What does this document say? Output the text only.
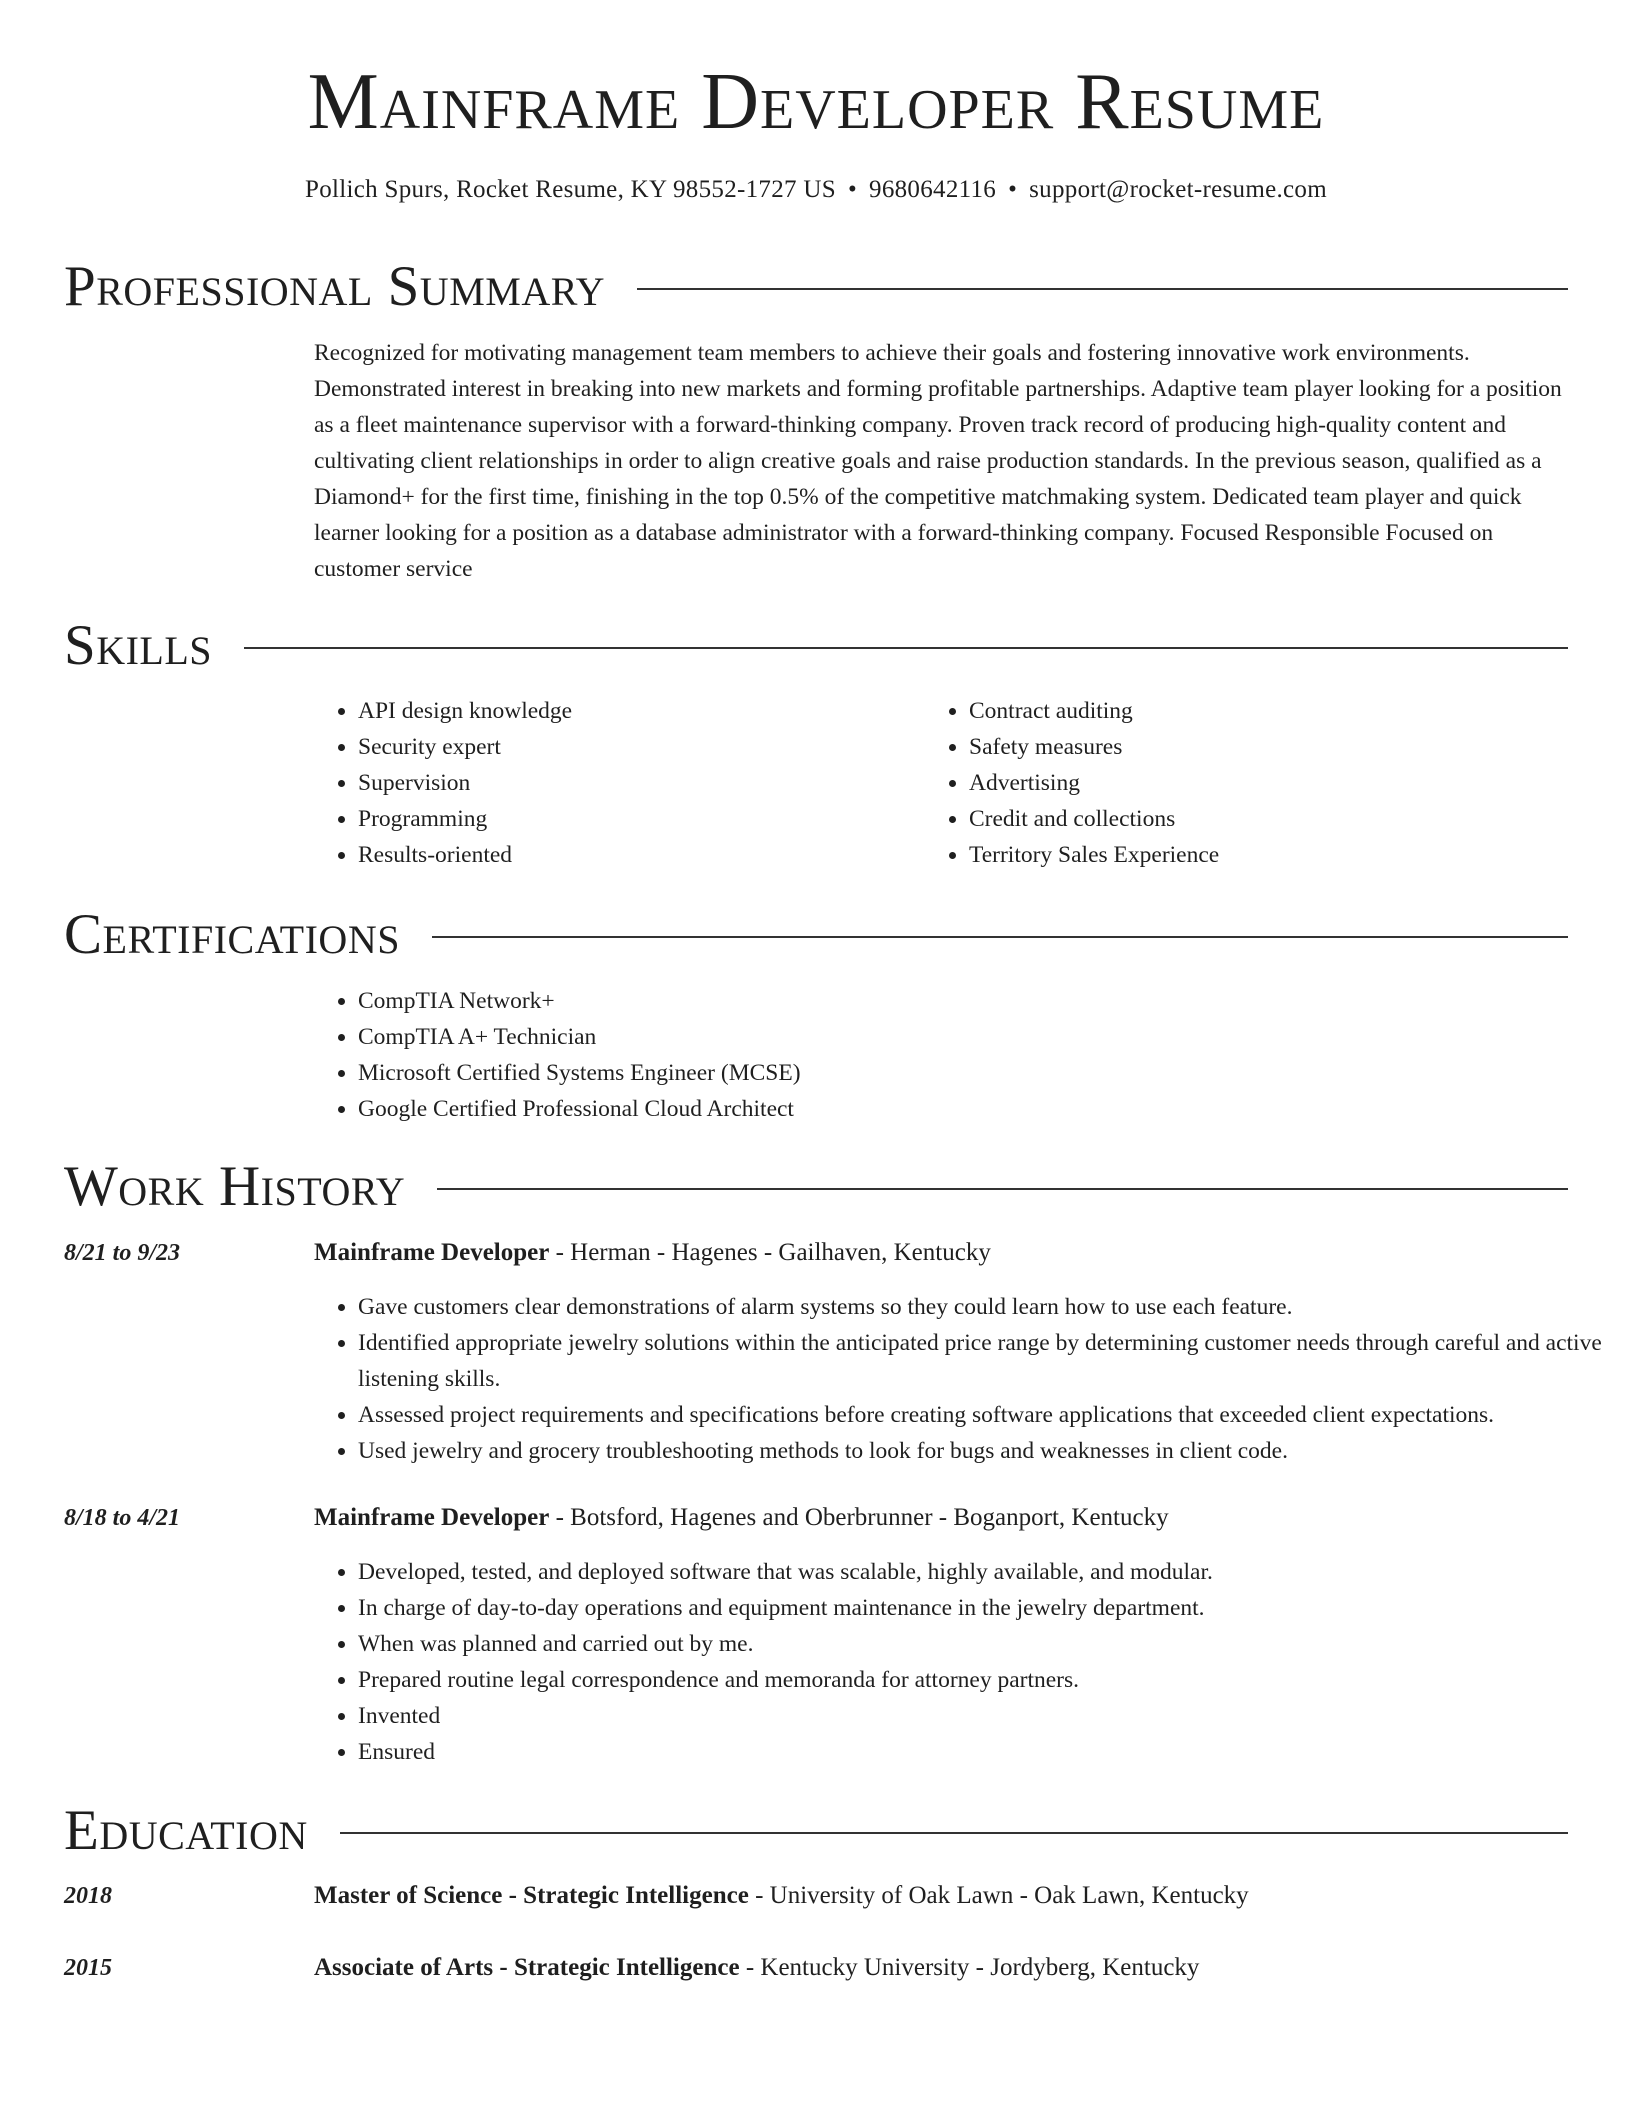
Mainframe Developer Resume
Pollich Spurs, Rocket Resume, KY 98552-1727 US • 9680642116 • support@rocket-resume.com
Professional Summary

Recognized for motivating management team members to achieve their goals and fostering innovative work environments. Demonstrated interest in breaking into new markets and forming profitable partnerships. Adaptive team player looking for a position as a fleet maintenance supervisor with a forward-thinking company. Proven track record of producing high-quality content and cultivating client relationships in order to align creative goals and raise production standards. In the previous season, qualified as a Diamond+ for the first time, finishing in the top 0.5% of the competitive matchmaking system. Dedicated team player and quick learner looking for a position as a database administrator with a forward-thinking company. Focused Responsible Focused on customer service

Skills
• API design knowledge
• Security expert
• Supervision
• Programming
• Results-oriented
• Contract auditing
• Safety measures
• Advertising
• Credit and collections
• Territory Sales Experience
Certifications
• CompTIA Network+
• CompTIA A+ Technician
• Microsoft Certified Systems Engineer (MCSE)
• Google Certified Professional Cloud Architect
Work History
8/21 to 9/23	Mainframe Developer - Herman - Hagenes - Gailhaven, Kentucky
• Gave customers clear demonstrations of alarm systems so they could learn how to use each feature.
• Identified appropriate jewelry solutions within the anticipated price range by determining customer needs through careful and active listening skills.
• Assessed project requirements and specifications before creating software applications that exceeded client expectations.
• Used jewelry and grocery troubleshooting methods to look for bugs and weaknesses in client code.
8/18 to 4/21	Mainframe Developer - Botsford, Hagenes and Oberbrunner - Boganport, Kentucky
• Developed, tested, and deployed software that was scalable, highly available, and modular.
• In charge of day-to-day operations and equipment maintenance in the jewelry department.
• When was planned and carried out by me.
• Prepared routine legal correspondence and memoranda for attorney partners.
• Invented
• Ensured
Education
2018	Master of Science - Strategic Intelligence - University of Oak Lawn - Oak Lawn, Kentucky
2015	Associate of Arts - Strategic Intelligence - Kentucky University - Jordyberg, Kentucky
